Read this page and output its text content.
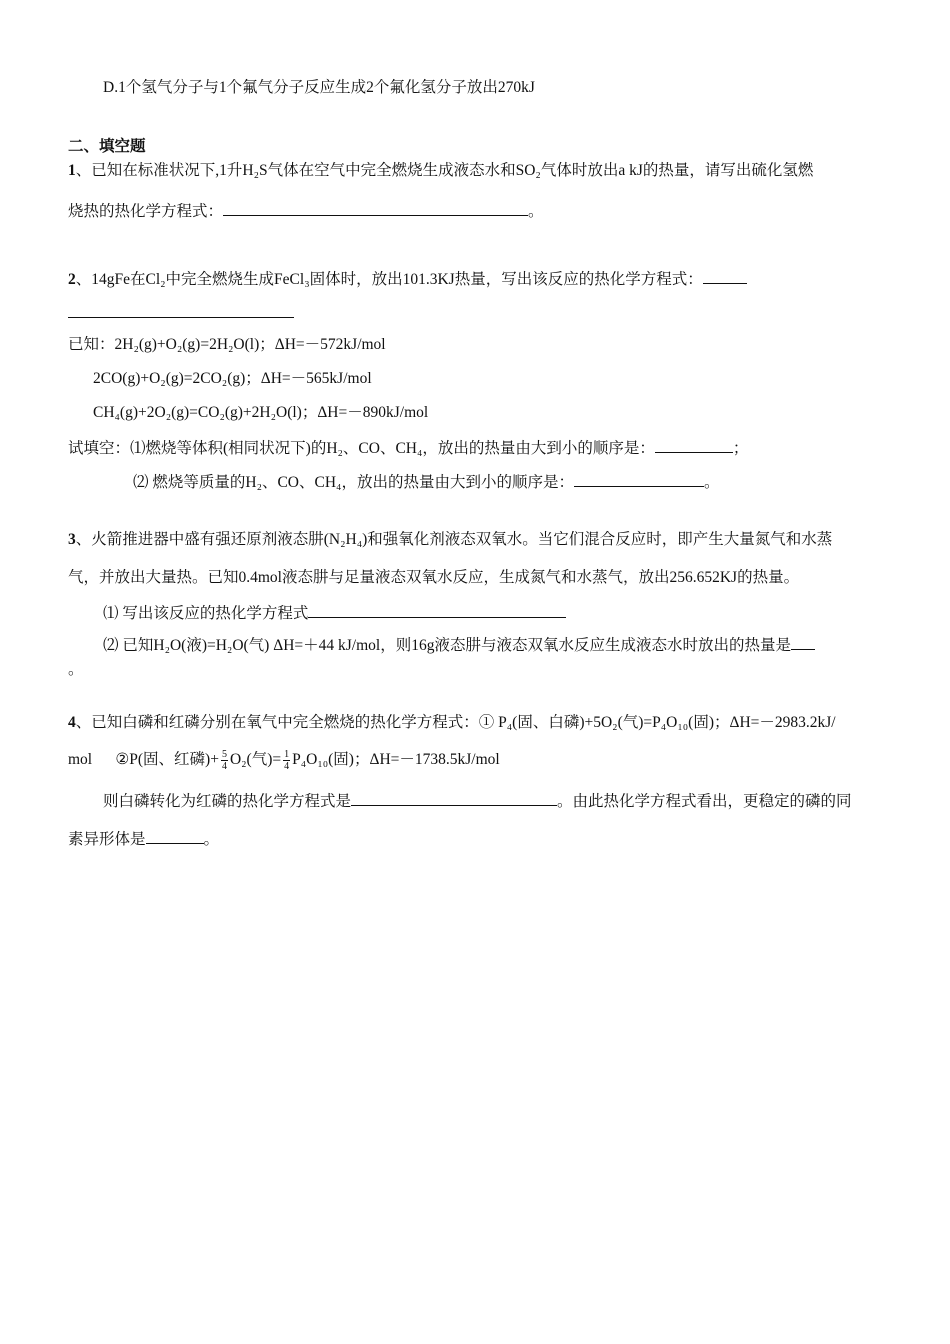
D.1个氢气分子与1个氟气分子反应生成2个氟化氢分子放出270kJ
二、填空题
1、已知在标准状况下,1升H₂S气体在空气中完全燃烧生成液态水和SO₂气体时放出a kJ的热量，请写出硫化氢燃
烧热的热化学方程式：	。
2、14gFe在Cl₂中完全燃烧生成FeCl₃固体时，放出101.3KJ热量，写出该反应的热化学方程式：
已知：2H₂(g)+O₂(g)=2H₂O(l)；ΔH=－572kJ/mol
2CO(g)+O₂(g)=2CO₂(g)；ΔH=－565kJ/mol
CH₄(g)+2O₂(g)=CO₂(g)+2H₂O(l)；ΔH=－890kJ/mol
试填空：⑴燃烧等体积(相同状况下)的H₂、CO、CH₄，放出的热量由大到小的顺序是：	；
⑵ 燃烧等质量的H₂、CO、CH₄，放出的热量由大到小的顺序是：	。
3、火箭推进器中盛有强还原剂液态肼(N₂H₄)和强氧化剂液态双氧水。当它们混合反应时，即产生大量氮气和水蒸
气，并放出大量热。已知0.4mol液态肼与足量液态双氧水反应，生成氮气和水蒸气，放出256.652KJ的热量。
⑴ 写出该反应的热化学方程式
⑵ 已知H₂O(液)=H₂O(气) ΔH=＋44 kJ/mol，则16g液态肼与液态双氧水反应生成液态水时放出的热量是
。
4、已知白磷和红磷分别在氧气中完全燃烧的热化学方程式：① P₄(固、白磷)+5O₂(气)=P₄O₁₀(固)；ΔH=－2983.2kJ/
mol      ②P(固、红磷)+ $\frac{5}{4} O_2$(气)= $\frac{1}{4} P_4O_{10}$(固)；ΔH=－1738.5kJ/mol
则白磷转化为红磷的热化学方程式是	。由此热化学方程式看出，更稳定的磷的同
素异形体是	。
